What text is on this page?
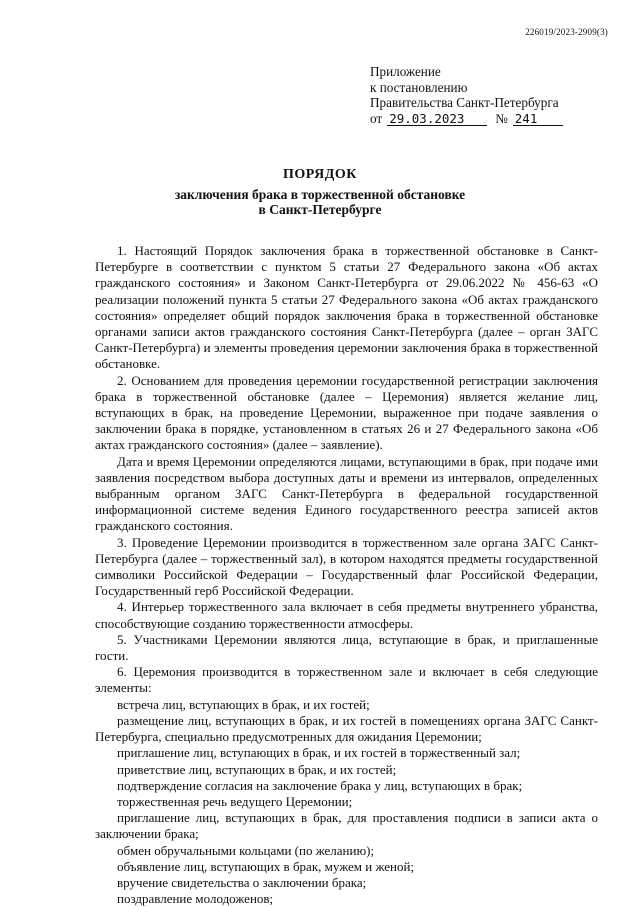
226019/2023-2909(3)
Приложение
к постановлению
Правительства Санкт-Петербурга
от 29.03.2023	№ 241
ПОРЯДОК
заключения брака в торжественной обстановке
в Санкт-Петербурге

1. Настоящий Порядок заключения брака в торжественной обстановке в Санкт-Петербурге в соответствии с пунктом 5 статьи 27 Федерального закона «Об актах гражданского состояния» и Законом Санкт-Петербурга от 29.06.2022 № 456-63 «О реализации положений пункта 5 статьи 27 Федерального закона «Об актах гражданского состояния» определяет общий порядок заключения брака в торжественной обстановке органами записи актов гражданского состояния Санкт-Петербурга (далее – орган ЗАГС Санкт-Петербурга) и элементы проведения церемонии заключения брака в торжественной обстановке.

2. Основанием для проведения церемонии государственной регистрации заключения брака в торжественной обстановке (далее – Церемония) является желание лиц, вступающих в брак, на проведение Церемонии, выраженное при подаче заявления о заключении брака в порядке, установленном в статьях 26 и 27 Федерального закона «Об актах гражданского состояния» (далее – заявление).

Дата и время Церемонии определяются лицами, вступающими в брак, при подаче ими заявления посредством выбора доступных даты и времени из интервалов, определенных выбранным органом ЗАГС Санкт-Петербурга в федеральной государственной информационной системе ведения Единого государственного реестра записей актов гражданского состояния.

3. Проведение Церемонии производится в торжественном зале органа ЗАГС Санкт-Петербурга (далее – торжественный зал), в котором находятся предметы государственной символики Российской Федерации – Государственный флаг Российской Федерации, Государственный герб Российской Федерации.

4. Интерьер торжественного зала включает в себя предметы внутреннего убранства, способствующие созданию торжественности атмосферы.

5. Участниками Церемонии являются лица, вступающие в брак, и приглашенные гости.

6. Церемония производится в торжественном зале и включает в себя следующие элементы:

встреча лиц, вступающих в брак, и их гостей;

размещение лиц, вступающих в брак, и их гостей в помещениях органа ЗАГС Санкт-Петербурга, специально предусмотренных для ожидания Церемонии;

приглашение лиц, вступающих в брак, и их гостей в торжественный зал;

приветствие лиц, вступающих в брак, и их гостей;

подтверждение согласия на заключение брака у лиц, вступающих в брак;

торжественная речь ведущего Церемонии;

приглашение лиц, вступающих в брак, для проставления подписи в записи акта о заключении брака;

обмен обручальными кольцами (по желанию);

объявление лиц, вступающих в брак, мужем и женой;

вручение свидетельства о заключении брака;

поздравление молодоженов;
